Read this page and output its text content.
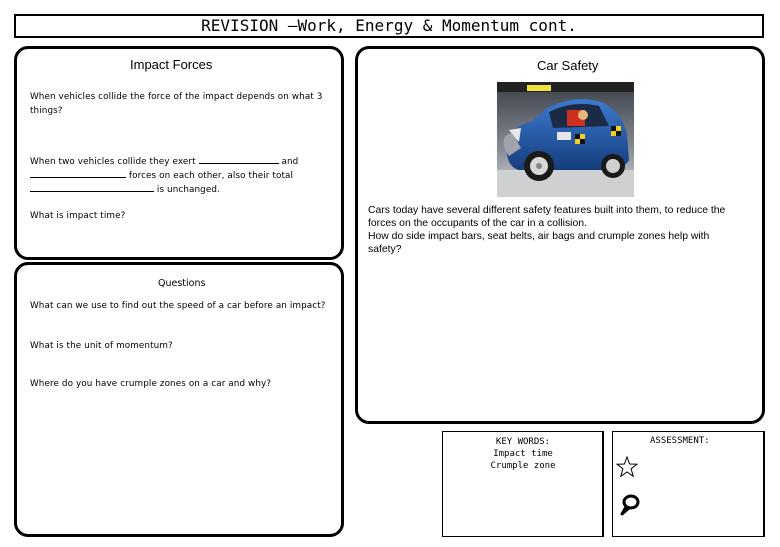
REVISION –Work, Energy & Momentum cont.
Impact Forces
When vehicles collide the force of the impact depends on what 3
things?
When two vehicles collide they exert	and
forces on each other, also their total
is unchanged.
What is impact time?
Car Safety
Cars today have several different safety features built into them, to reduce the
forces on the occupants of the car in a collision.
How do side impact bars, seat belts, air bags and crumple zones help with
safety?
Questions
What can we use to find out the speed of a car before an impact?
What is the unit of momentum?
Where do you have crumple zones on a car and why?
KEY WORDS:
Impact time
Crumple zone
ASSESSMENT:
